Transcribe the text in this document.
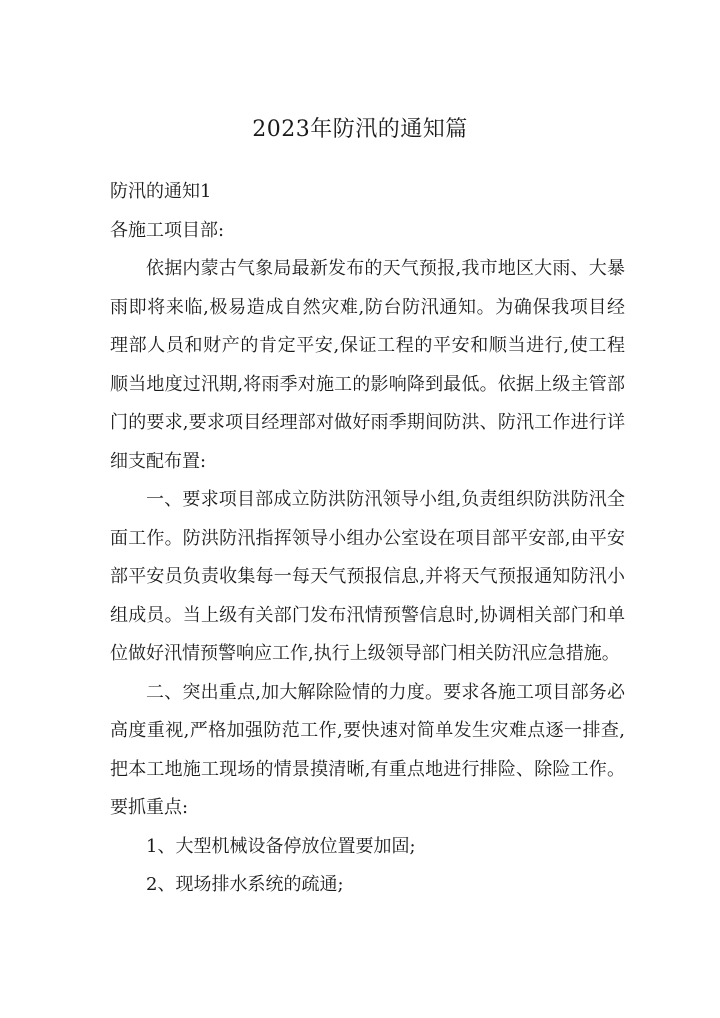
2023年防汛的通知篇

防汛的通知1

各施工项目部:

依据内蒙古气象局最新发布的天气预报,我市地区大雨、大暴雨即将来临,极易造成自然灾难,防台防汛通知。为确保我项目经理部人员和财产的肯定平安,保证工程的平安和顺当进行,使工程顺当地度过汛期,将雨季对施工的影响降到最低。依据上级主管部门的要求,要求项目经理部对做好雨季期间防洪、防汛工作进行详细支配布置:

一、要求项目部成立防洪防汛领导小组,负责组织防洪防汛全面工作。防洪防汛指挥领导小组办公室设在项目部平安部,由平安部平安员负责收集每一每天气预报信息,并将天气预报通知防汛小组成员。当上级有关部门发布汛情预警信息时,协调相关部门和单位做好汛情预警响应工作,执行上级领导部门相关防汛应急措施。

二、突出重点,加大解除险情的力度。要求各施工项目部务必高度重视,严格加强防范工作,要快速对简单发生灾难点逐一排查,把本工地施工现场的情景摸清晰,有重点地进行排险、除险工作。要抓重点:

1、大型机械设备停放位置要加固;

2、现场排水系统的疏通;
